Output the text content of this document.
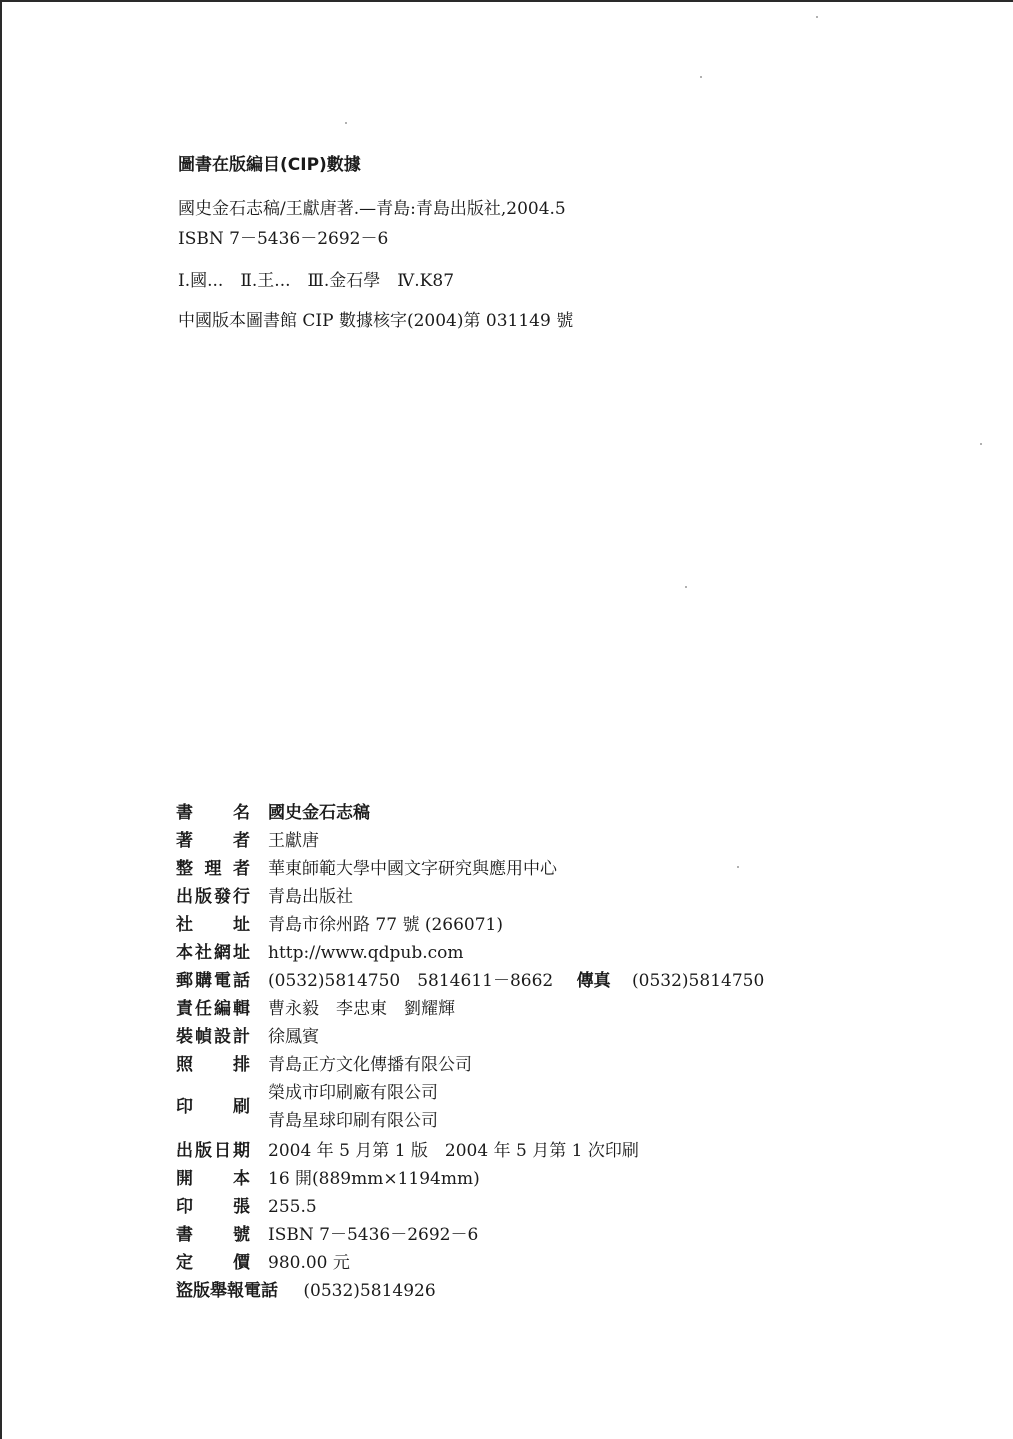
圖書在版編目(CIP)數據
國史金石志稿/王獻唐著.—青島:青島出版社,2004.5
ISBN 7－5436－2692－6
Ⅰ.國...　Ⅱ.王...　Ⅲ.金石學　Ⅳ.K87
中國版本圖書館 CIP 數據核字(2004)第 031149 號
書 名 國史金石志稿
著 者 王獻唐
整 理 者 華東師範大學中國文字研究與應用中心
出 版 發 行 青島出版社
社 址 青島市徐州路 77 號 (266071)
本 社 網 址 http://www.qdpub.com
郵 購 電 話 (0532)5814750　5814611－8662 傳真 (0532)5814750
責 任 編 輯 曹永毅　李忠東　劉耀輝
裝 幀 設 計 徐鳳賓
照 排 青島正方文化傳播有限公司
印 刷
榮成市印刷廠有限公司
青島星球印刷有限公司
出 版 日 期 2004 年 5 月第 1 版　2004 年 5 月第 1 次印刷
開 本 16 開(889mm×1194mm)
印 張 255.5
書 號 ISBN 7－5436－2692－6
定 價 980.00 元
盜版舉報電話 (0532)5814926
